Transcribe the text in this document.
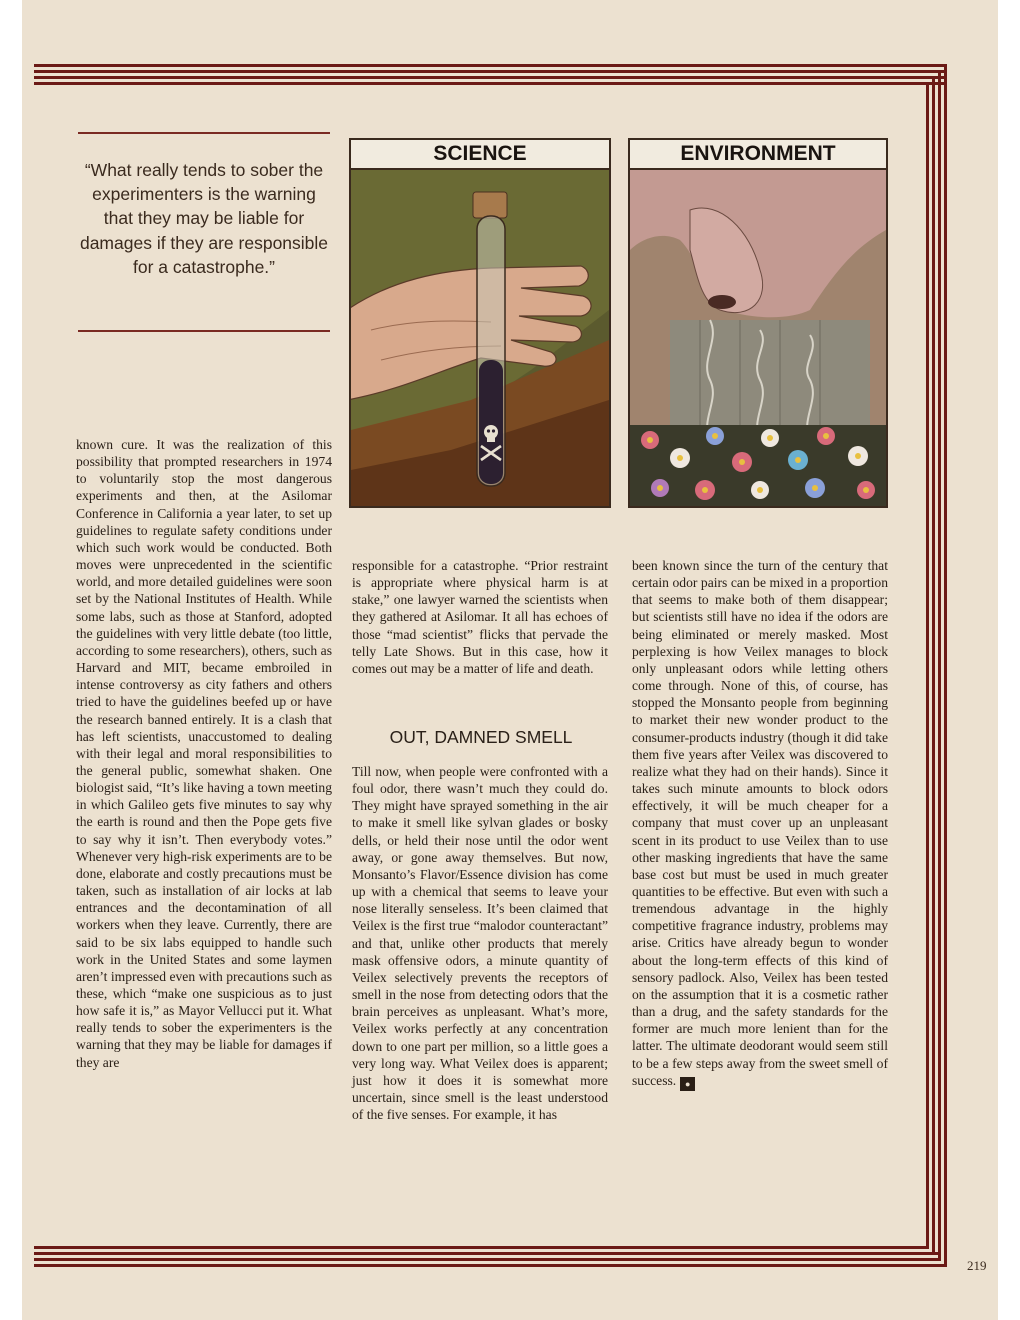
“What really tends to sober the experimenters is the warning that they may be liable for damages if they are responsible for a catastrophe.”

SCIENCE	ENVIRONMENT

known cure. It was the realization of this possibility that prompted researchers in 1974 to voluntarily stop the most dangerous experiments and then, at the Asilomar Conference in California a year later, to set up guidelines to regulate safety conditions under which such work would be conducted. Both moves were unprecedented in the scientific world, and more detailed guidelines were soon set by the National Institutes of Health. While some labs, such as those at Stanford, adopted the guidelines with very little debate (too little, according to some researchers), others, such as Harvard and MIT, became embroiled in intense controversy as city fathers and others tried to have the guidelines beefed up or have the research banned entirely. It is a clash that has left scientists, unaccustomed to dealing with their legal and moral responsibilities to the general public, somewhat shaken. One biologist said, “It’s like having a town meeting in which Galileo gets five minutes to say why the earth is round and then the Pope gets five to say why it isn’t. Then everybody votes.” Whenever very high-risk experiments are to be done, elaborate and costly precautions must be taken, such as installation of air locks at lab entrances and the decontamination of all workers when they leave. Currently, there are said to be six labs equipped to handle such work in the United States and some laymen aren’t impressed even with precautions such as these, which “make one suspicious as to just how safe it is,” as Mayor Vellucci put it. What really tends to sober the experimenters is the warning that they may be liable for damages if they are

responsible for a catastrophe. “Prior restraint is appropriate where physical harm is at stake,” one lawyer warned the scientists when they gathered at Asilomar. It all has echoes of those “mad scientist” flicks that pervade the telly Late Shows. But in this case, how it comes out may be a matter of life and death.

OUT, DAMNED SMELL

Till now, when people were confronted with a foul odor, there wasn’t much they could do. They might have sprayed something in the air to make it smell like sylvan glades or bosky dells, or held their nose until the odor went away, or gone away themselves. But now, Monsanto’s Flavor/Essence division has come up with a chemical that seems to leave your nose literally senseless. It’s been claimed that Veilex is the first true “malodor counteractant” and that, unlike other products that merely mask offensive odors, a minute quantity of Veilex selectively prevents the receptors of smell in the nose from detecting odors that the brain perceives as unpleasant. What’s more, Veilex works perfectly at any concentration down to one part per million, so a little goes a very long way. What Veilex does is apparent; just how it does it is somewhat more uncertain, since smell is the least understood of the five senses. For example, it has

been known since the turn of the century that certain odor pairs can be mixed in a proportion that seems to make both of them disappear; but scientists still have no idea if the odors are being eliminated or merely masked. Most perplexing is how Veilex manages to block only unpleasant odors while letting others come through. None of this, of course, has stopped the Monsanto people from beginning to market their new wonder product to the consumer-products industry (though it did take them five years after Veilex was discovered to realize what they had on their hands). Since it takes such minute amounts to block odors effectively, it will be much cheaper for a company that must cover up an unpleasant scent in its product to use Veilex than to use other masking ingredients that have the same base cost but must be used in much greater quantities to be effective. But even with such a tremendous advantage in the highly competitive fragrance industry, problems may arise. Critics have already begun to wonder about the long-term effects of this kind of sensory padlock. Also, Veilex has been tested on the assumption that it is a cosmetic rather than a drug, and the safety standards for the former are much more lenient than for the latter. The ultimate deodorant would seem still to be a few steps away from the sweet smell of success. ●

219
